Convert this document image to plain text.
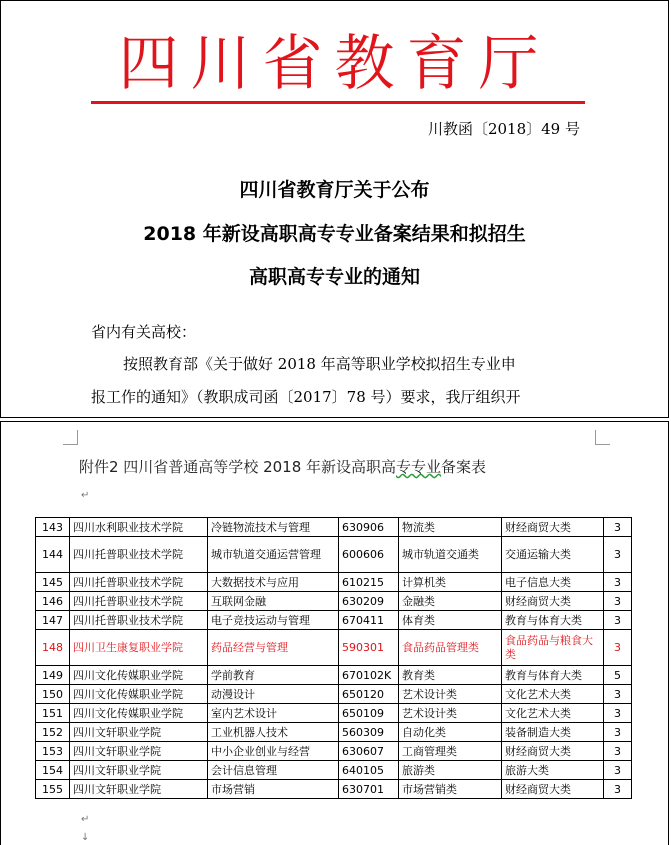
四川省教育厅
川教函〔2018〕49 号
四川省教育厅关于公布
2018 年新设高职高专专业备案结果和拟招生
高职高专专业的通知
省内有关高校：
按照教育部《关于做好 2018 年高等职业学校拟招生专业申
报工作的通知》（教职成司函〔2017〕78 号）要求，我厅组织开
附件2 四川省普通高等学校 2018 年新设高职高专专业备案表
↵
143	四川水利职业技术学院	冷链物流技术与管理	630906	物流类	财经商贸大类	3
144	四川托普职业技术学院	城市轨道交通运营管理	600606	城市轨道交通类	交通运输大类	3
145	四川托普职业技术学院	大数据技术与应用	610215	计算机类	电子信息大类	3
146	四川托普职业技术学院	互联网金融	630209	金融类	财经商贸大类	3
147	四川托普职业技术学院	电子竞技运动与管理	670411	体育类	教育与体育大类	3
148	四川卫生康复职业学院	药品经营与管理	590301	食品药品管理类	食品药品与粮食大类	3
149	四川文化传媒职业学院	学前教育	670102K	教育类	教育与体育大类	5
150	四川文化传媒职业学院	动漫设计	650120	艺术设计类	文化艺术大类	3
151	四川文化传媒职业学院	室内艺术设计	650109	艺术设计类	文化艺术大类	3
152	四川文轩职业学院	工业机器人技术	560309	自动化类	装备制造大类	3
153	四川文轩职业学院	中小企业创业与经营	630607	工商管理类	财经商贸大类	3
154	四川文轩职业学院	会计信息管理	640105	旅游类	旅游大类	3
155	四川文轩职业学院	市场营销	630701	市场营销类	财经商贸大类	3
↵
↓
